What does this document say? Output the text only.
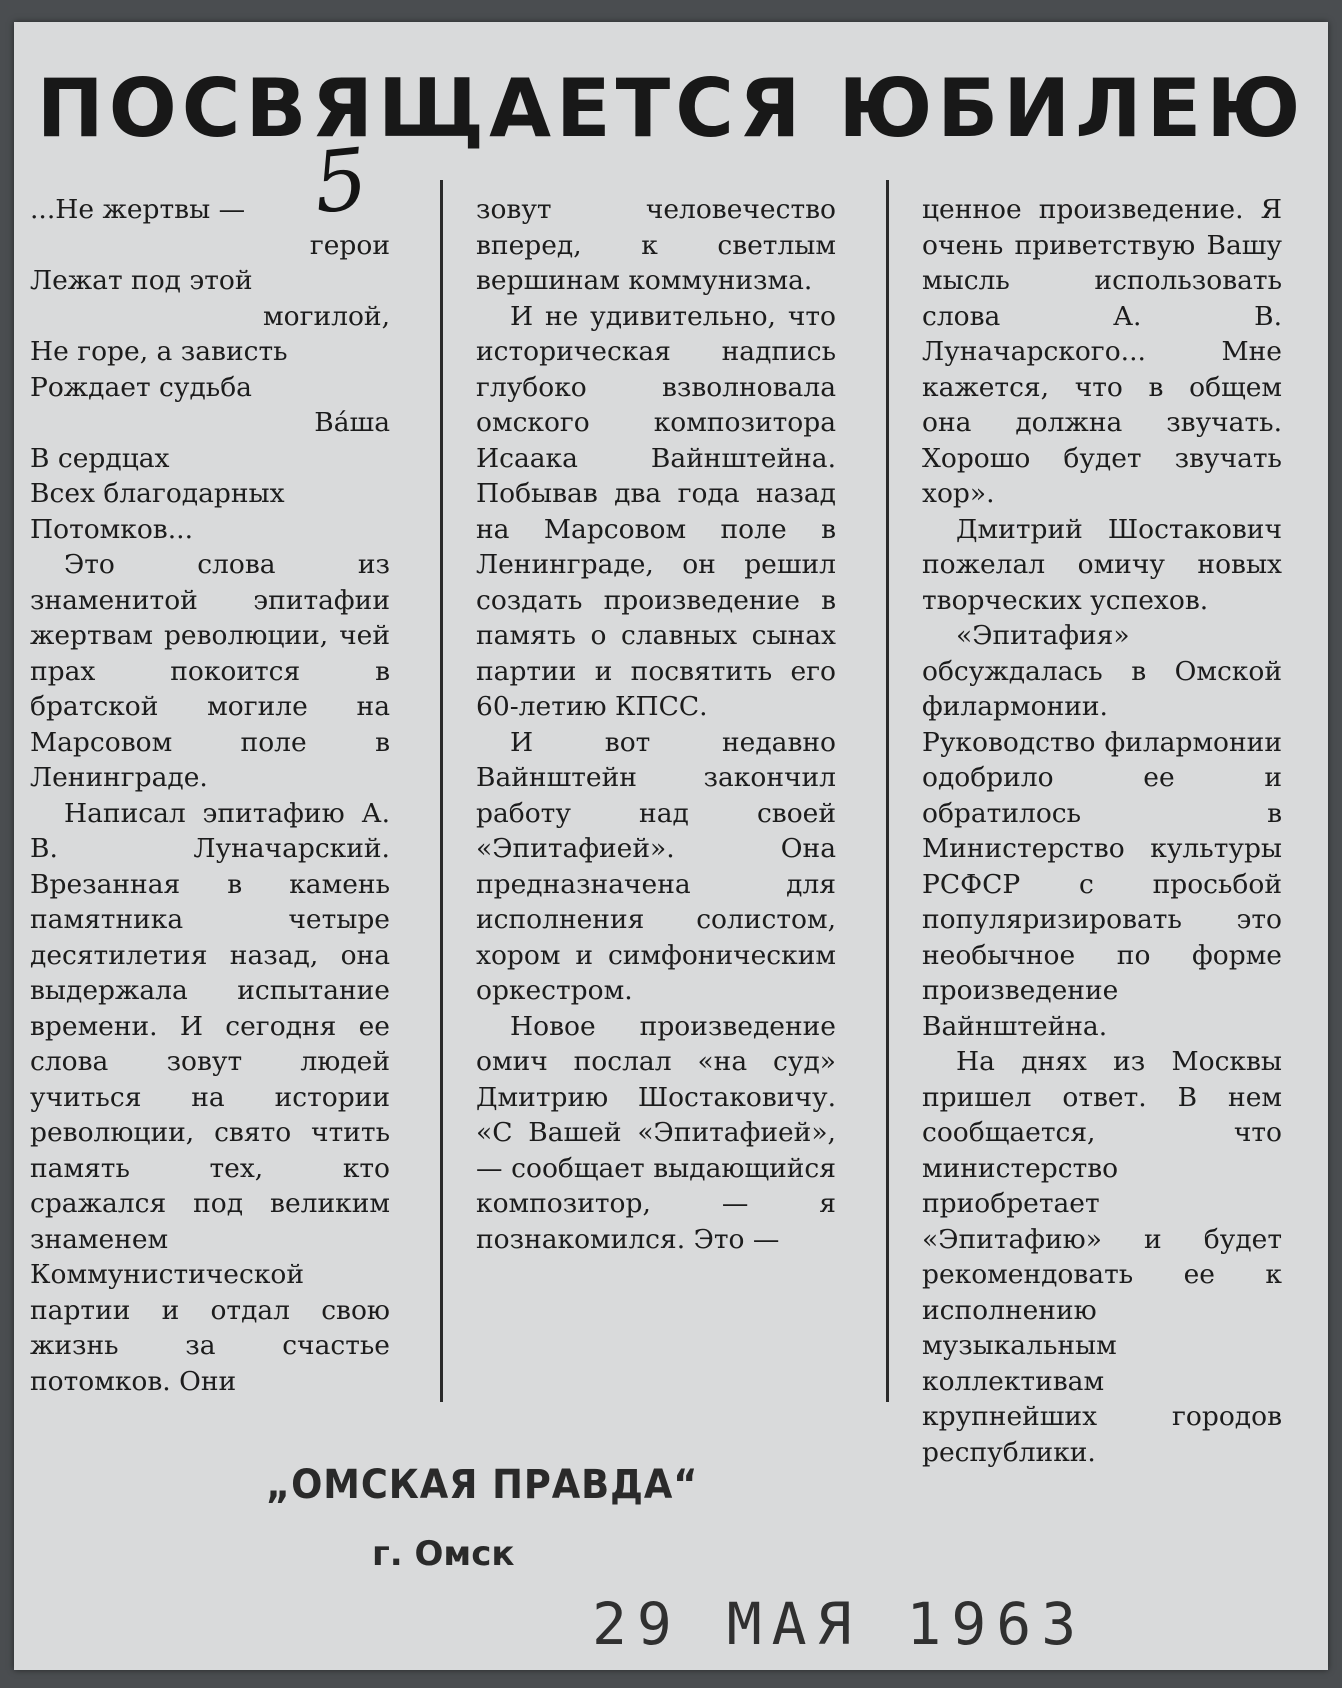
ПОСВЯЩАЕТСЯ ЮБИЛЕЮ
5
...Не жертвы —
герои
Лежат под этой
могилой,
Не горе, а зависть
Рождает судьба
Ва́ша
В сердцах
Всех благодарных
Потомков...

Это слова из знаменитой эпитафии жертвам революции, чей прах покоится в братской могиле на Марсовом поле в Ленинграде.

Написал эпитафию А. В. Луначарский. Врезанная в камень памятника четыре десятилетия назад, она выдержала испытание времени. И сегодня ее слова зовут людей учиться на истории революции, свято чтить память тех, кто сражался под великим знаменем Коммунистической партии и отдал свою жизнь за счастье потомков. Они

зовут человечество вперед, к светлым вершинам коммунизма.

И не удивительно, что историческая надпись глубоко взволновала омского композитора Исаака Вайнштейна. Побывав два года назад на Марсовом поле в Ленинграде, он решил создать произведение в память о славных сынах партии и посвятить его 60-летию КПСС.

И вот недавно Вайнштейн закончил работу над своей «Эпитафией». Она предназначена для исполнения солистом, хором и симфоническим оркестром.

Новое произведение омич послал «на суд» Дмитрию Шостаковичу. «С Вашей «Эпитафией», — сообщает выдающийся композитор, — я познакомился. Это —

ценное произведение. Я очень приветствую Вашу мысль использовать слова А. В. Луначарского... Мне кажется, что в общем она должна звучать. Хорошо будет звучать хор».

Дмитрий Шостакович пожелал омичу новых творческих успехов.

«Эпитафия» обсуждалась в Омской филармонии. Руководство филармонии одобрило ее и обратилось в Министерство культуры РСФСР с просьбой популяризировать это необычное по форме произведение Вайнштейна.

На днях из Москвы пришел ответ. В нем сообщается, что министерство приобретает «Эпитафию» и будет рекомендовать ее к исполнению музыкальным коллективам крупнейших городов республики.

„ОМСКАЯ ПРАВДА“
г. Омск
29 МАЯ 1963
